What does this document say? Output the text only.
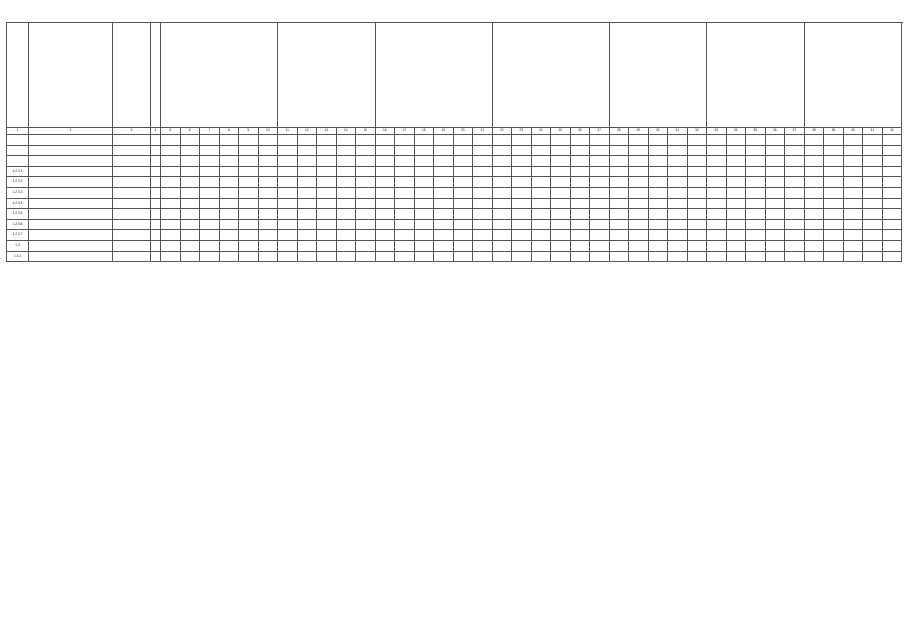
1	2	3	4	5	6	7	8	9	10	11	12	13	14	15	16	17	18	19	20	21	22	23	24	25	26	27	28	29	30	31	32	33	34	35	36	37	38	39	40	41	42

1.2.3.1																																									
1.2.3.2																																									
1.2.3.3																																									
1.2.3.4																																									
1.2.3.5																																									
1.2.3.6																																									
1.2.3.7																																									
1.3																																									
1.3.1																																									
